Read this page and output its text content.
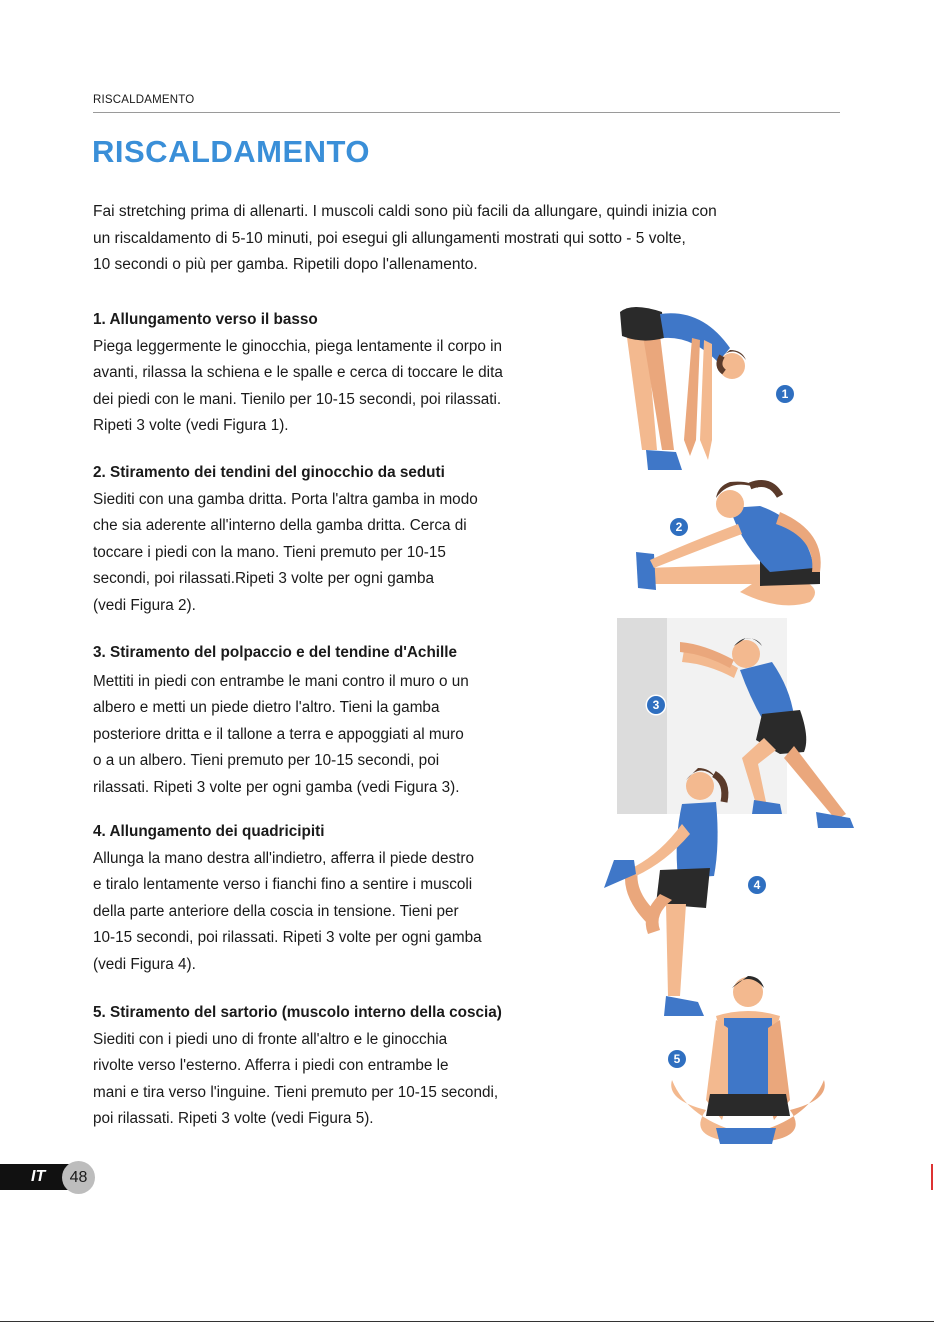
RISCALDAMENTO
RISCALDAMENTO

Fai stretching prima di allenarti. I muscoli caldi sono più facili da allungare, quindi inizia con
un riscaldamento di 5-10 minuti, poi esegui gli allungamenti mostrati qui sotto - 5 volte,
10 secondi o più per gamba. Ripetili dopo l'allenamento.

1. Allungamento verso il basso

Piega leggermente le ginocchia, piega lentamente il corpo in
avanti, rilassa la schiena e le spalle e cerca di toccare le dita
dei piedi con le mani. Tienilo per 10-15 secondi, poi rilassati.
Ripeti 3 volte (vedi Figura 1).

2. Stiramento dei tendini del ginocchio da seduti

Siediti con una gamba dritta. Porta l'altra gamba in modo
che sia aderente all'interno della gamba dritta. Cerca di
toccare i piedi con la mano. Tieni premuto per 10-15
secondi, poi rilassati.Ripeti 3 volte per ogni gamba
(vedi Figura 2).

3. Stiramento del polpaccio e del tendine d'Achille

Mettiti in piedi con entrambe le mani contro il muro o un
albero e metti un piede dietro l'altro. Tieni la gamba
posteriore dritta e il tallone a terra e appoggiati al muro
o a un albero. Tieni premuto per 10-15 secondi, poi
rilassati. Ripeti 3 volte per ogni gamba (vedi Figura 3).

4. Allungamento dei quadricipiti

Allunga la mano destra all'indietro, afferra il piede destro
e tiralo lentamente verso i fianchi fino a sentire i muscoli
della parte anteriore della coscia in tensione. Tieni per
10-15 secondi, poi rilassati. Ripeti 3 volte per ogni gamba
(vedi Figura 4).

5. Stiramento del sartorio (muscolo interno della coscia)

Siediti con i piedi uno di fronte all'altro e le ginocchia
rivolte verso l'esterno. Afferra i piedi con entrambe le
mani e tira verso l'inguine. Tieni premuto per 10-15 secondi,
poi rilassati. Ripeti 3 volte (vedi Figura 5).

1
2
3
4
5
IT	48
